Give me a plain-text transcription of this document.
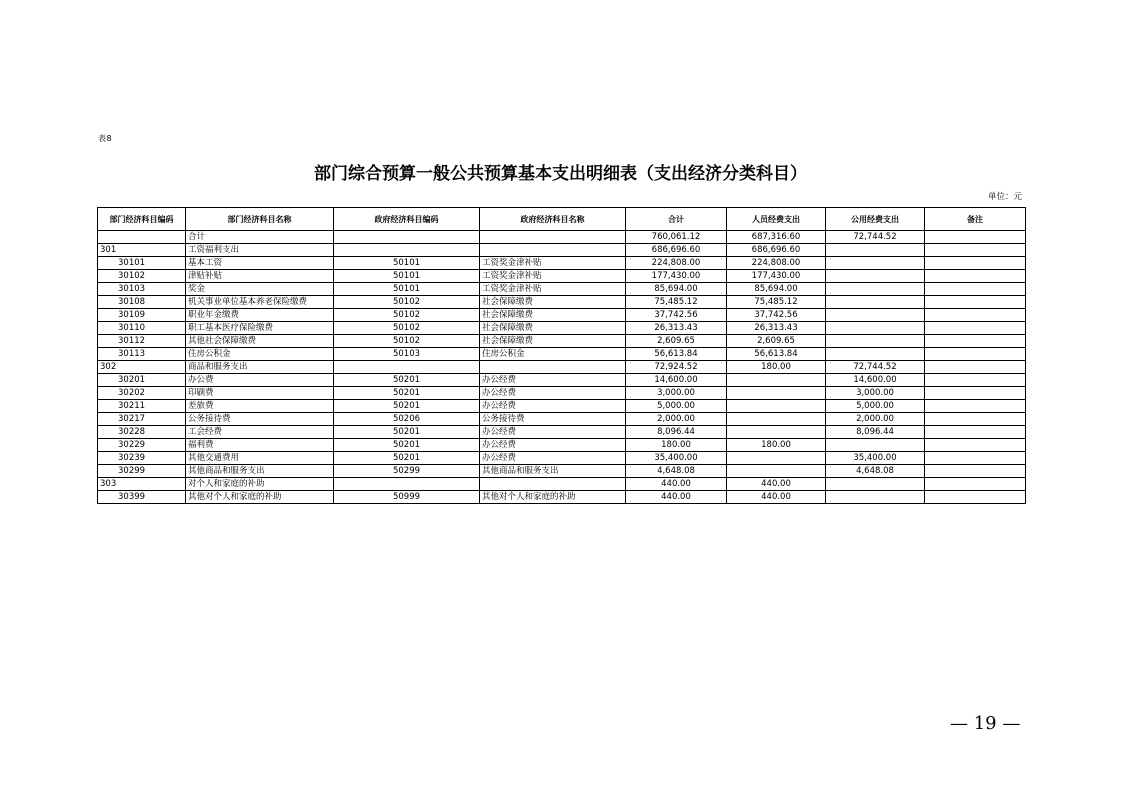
表8
部门综合预算一般公共预算基本支出明细表（支出经济分类科目）
单位：元
部门经济科目编码	部门经济科目名称	政府经济科目编码	政府经济科目名称	合计	人员经费支出	公用经费支出	备注
	合计			760,061.12	687,316.60	72,744.52	
301	工资福利支出			686,696.60	686,696.60		
30101	基本工资	50101	工资奖金津补贴	224,808.00	224,808.00		
30102	津贴补贴	50101	工资奖金津补贴	177,430.00	177,430.00		
30103	奖金	50101	工资奖金津补贴	85,694.00	85,694.00		
30108	机关事业单位基本养老保险缴费	50102	社会保障缴费	75,485.12	75,485.12		
30109	职业年金缴费	50102	社会保障缴费	37,742.56	37,742.56		
30110	职工基本医疗保险缴费	50102	社会保障缴费	26,313.43	26,313.43		
30112	其他社会保障缴费	50102	社会保障缴费	2,609.65	2,609.65		
30113	住房公积金	50103	住房公积金	56,613.84	56,613.84		
302	商品和服务支出			72,924.52	180.00	72,744.52	
30201	办公费	50201	办公经费	14,600.00		14,600.00	
30202	印刷费	50201	办公经费	3,000.00		3,000.00	
30211	差旅费	50201	办公经费	5,000.00		5,000.00	
30217	公务接待费	50206	公务接待费	2,000.00		2,000.00	
30228	工会经费	50201	办公经费	8,096.44		8,096.44	
30229	福利费	50201	办公经费	180.00	180.00		
30239	其他交通费用	50201	办公经费	35,400.00		35,400.00	
30299	其他商品和服务支出	50299	其他商品和服务支出	4,648.08		4,648.08	
303	对个人和家庭的补助			440.00	440.00		
30399	其他对个人和家庭的补助	50999	其他对个人和家庭的补助	440.00	440.00		
— 19 —
